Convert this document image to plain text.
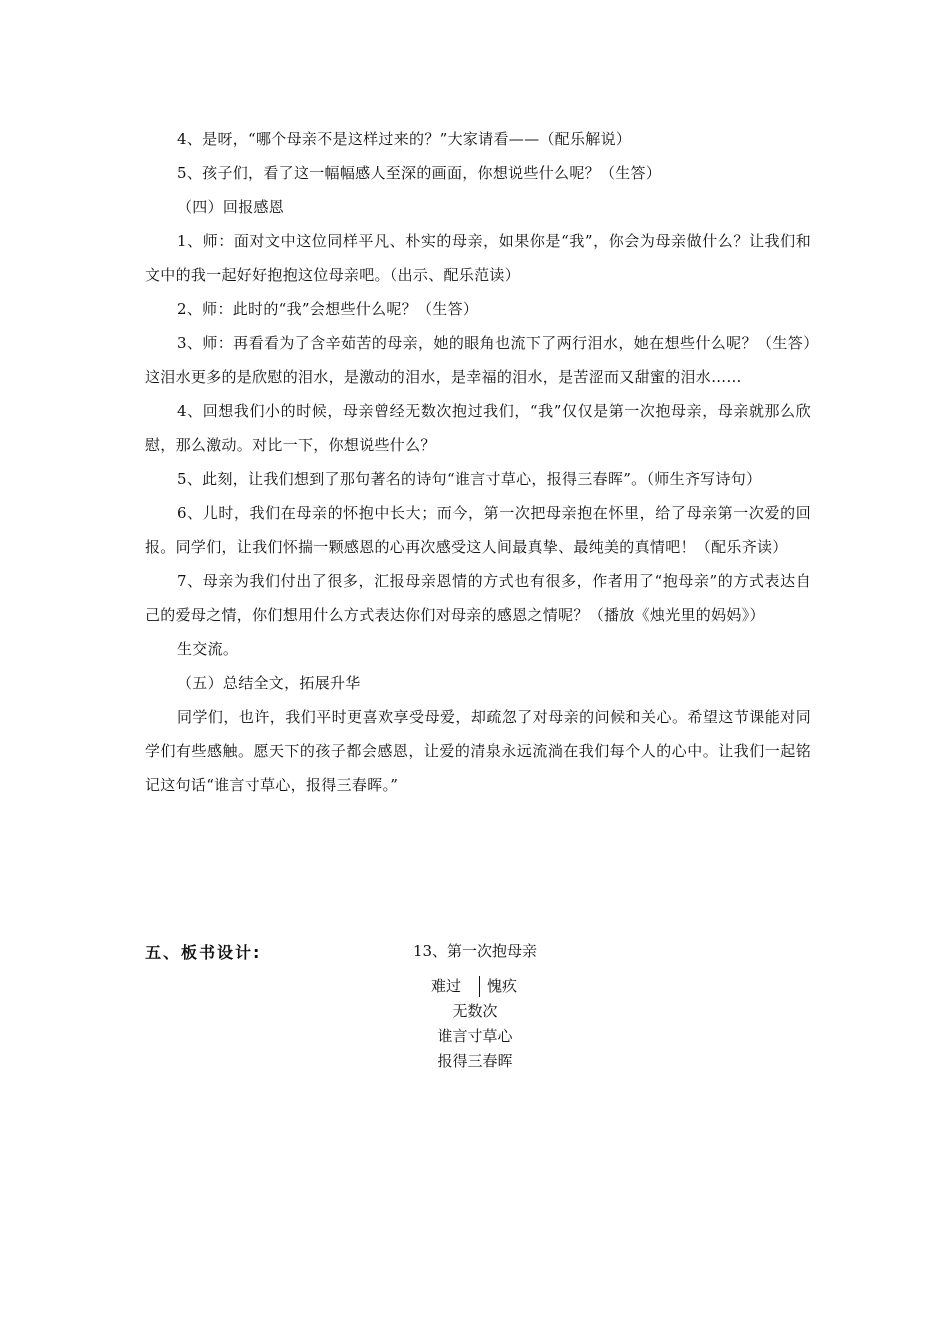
4、是呀，“哪个母亲不是这样过来的？”大家请看——（配乐解说）

5、孩子们，看了这一幅幅感人至深的画面，你想说些什么呢？（生答）

（四）回报感恩

1、师：面对文中这位同样平凡、朴实的母亲，如果你是“我”，你会为母亲做什么？让我们和文中的我一起好好抱抱这位母亲吧。（出示、配乐范读）

2、师：此时的“我”会想些什么呢？（生答）

3、师：再看看为了含辛茹苦的母亲，她的眼角也流下了两行泪水，她在想些什么呢？（生答）这泪水更多的是欣慰的泪水，是激动的泪水，是幸福的泪水，是苦涩而又甜蜜的泪水……

4、回想我们小的时候，母亲曾经无数次抱过我们，“我”仅仅是第一次抱母亲，母亲就那么欣慰，那么激动。对比一下，你想说些什么？

5、此刻，让我们想到了那句著名的诗句“谁言寸草心，报得三春晖”。（师生齐写诗句）

6、儿时，我们在母亲的怀抱中长大；而今，第一次把母亲抱在怀里，给了母亲第一次爱的回报。同学们，让我们怀揣一颗感恩的心再次感受这人间最真挚、最纯美的真情吧！（配乐齐读）

7、母亲为我们付出了很多，汇报母亲恩情的方式也有很多，作者用了“抱母亲”的方式表达自己的爱母之情，你们想用什么方式表达你们对母亲的感恩之情呢？（播放《烛光里的妈妈》）

生交流。

（五）总结全文，拓展升华

同学们，也许，我们平时更喜欢享受母爱，却疏忽了对母亲的问候和关心。希望这节课能对同学们有些感触。愿天下的孩子都会感恩，让爱的清泉永远流淌在我们每个人的心中。让我们一起铭记这句话“谁言寸草心，报得三春晖。”

五、板书设计:	13、第一次抱母亲
难过 愧疚
无数次
谁言寸草心
报得三春晖
